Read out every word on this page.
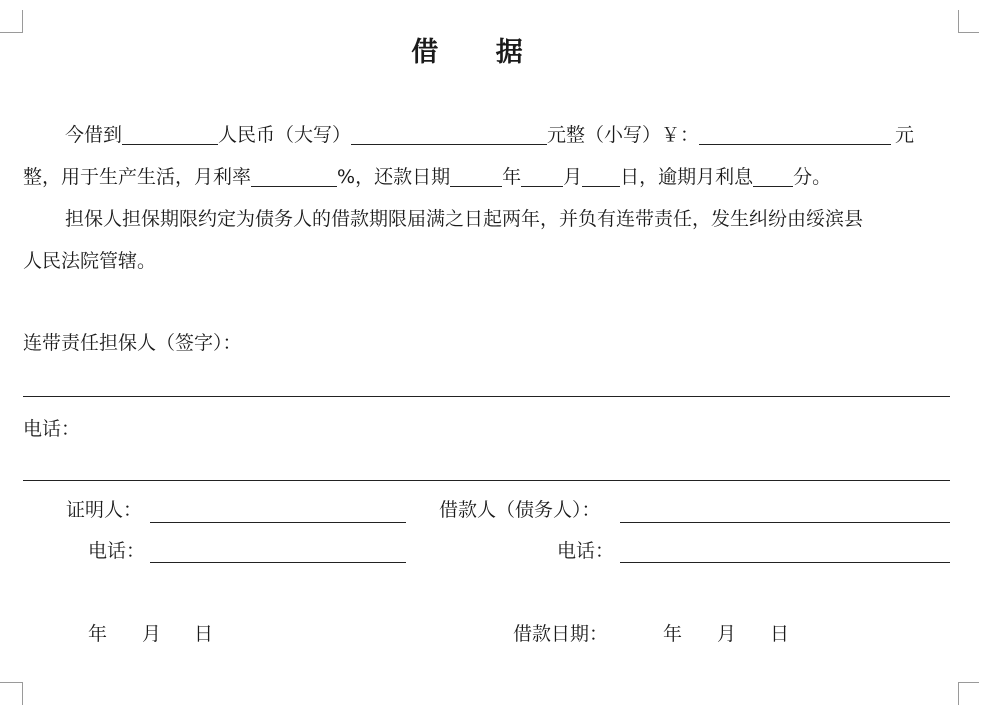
借 据
今借到	人民币（大写）	元整（小写）￥：	元
整，用于生产生活，月利率	%，还款日期	年 月 日，逾期月利息 分。
担保人担保期限约定为债务人的借款期限届满之日起两年，并负有连带责任，发生纠纷由绥滨县
人民法院管辖。
连带责任担保人（签字）：
电话：
证明人：	借款人（债务人）：
电话：	电话：
年 月 日	借款日期：	年 月 日
